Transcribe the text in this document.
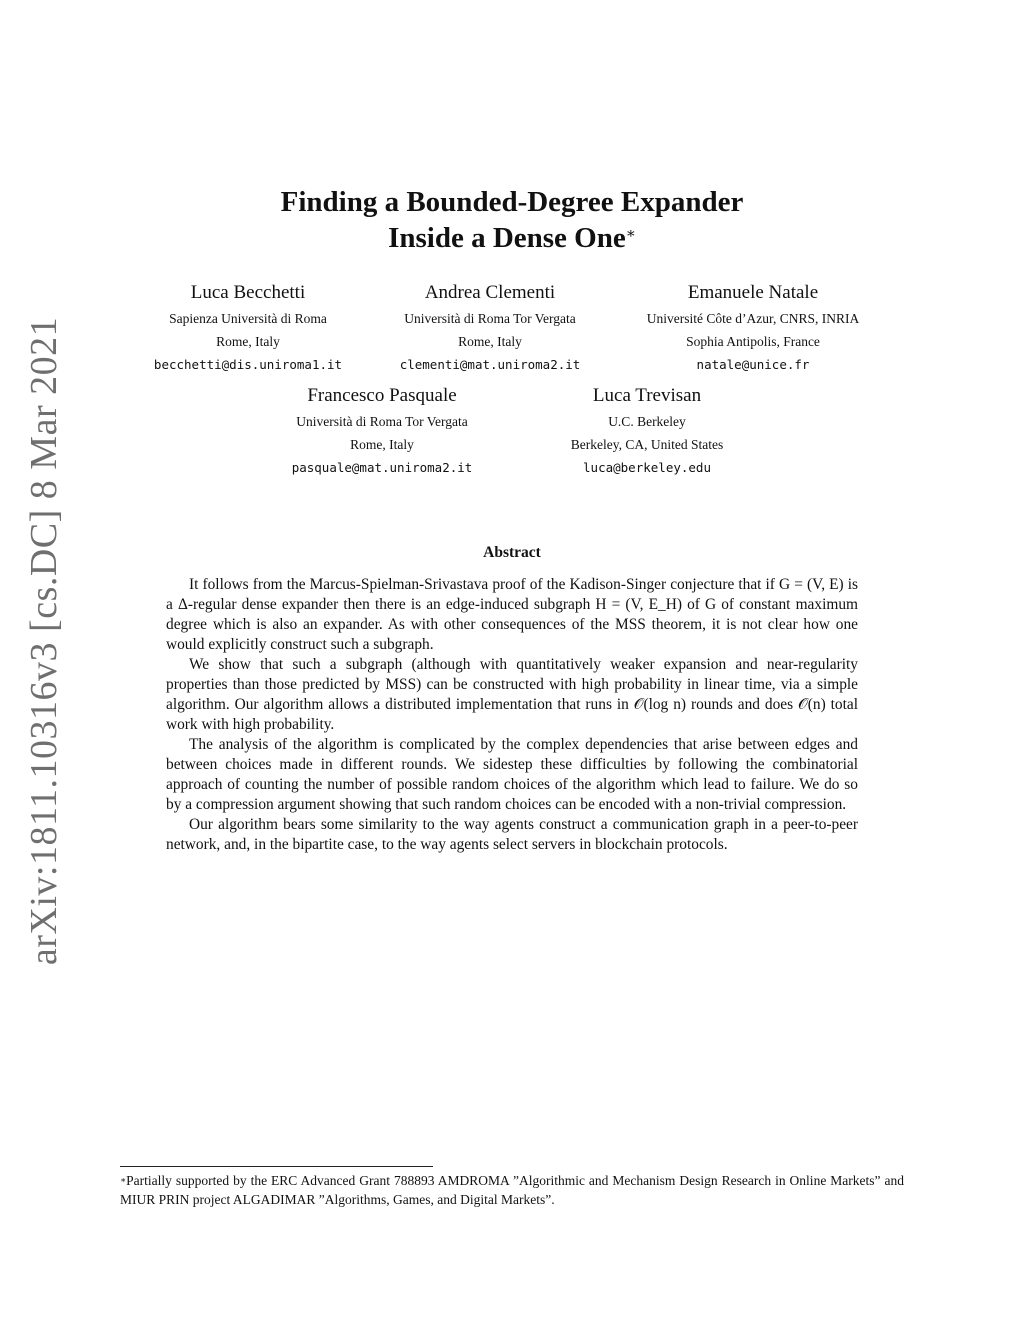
arXiv:1811.10316v3 [cs.DC] 8 Mar 2021
Finding a Bounded-Degree Expander
Inside a Dense One∗
Luca Becchetti
Sapienza Università di Roma
Rome, Italy
becchetti@dis.uniroma1.it
Andrea Clementi
Università di Roma Tor Vergata
Rome, Italy
clementi@mat.uniroma2.it
Emanuele Natale
Université Côte d’Azur, CNRS, INRIA
Sophia Antipolis, France
natale@unice.fr
Francesco Pasquale
Università di Roma Tor Vergata
Rome, Italy
pasquale@mat.uniroma2.it
Luca Trevisan
U.C. Berkeley
Berkeley, CA, United States
luca@berkeley.edu
Abstract

It follows from the Marcus-Spielman-Srivastava proof of the Kadison-Singer conjecture that if G = (V, E) is a Δ-regular dense expander then there is an edge-induced subgraph H = (V, E_H) of G of constant maximum degree which is also an expander. As with other consequences of the MSS theorem, it is not clear how one would explicitly construct such a subgraph.

We show that such a subgraph (although with quantitatively weaker expansion and near-regularity properties than those predicted by MSS) can be constructed with high probability in linear time, via a simple algorithm. Our algorithm allows a distributed implementation that runs in 𝒪(log n) rounds and does 𝒪(n) total work with high probability.

The analysis of the algorithm is complicated by the complex dependencies that arise between edges and between choices made in different rounds. We sidestep these difficulties by following the combinatorial approach of counting the number of possible random choices of the algorithm which lead to failure. We do so by a compression argument showing that such random choices can be encoded with a non-trivial compression.

Our algorithm bears some similarity to the way agents construct a communication graph in a peer-to-peer network, and, in the bipartite case, to the way agents select servers in blockchain protocols.

∗Partially supported by the ERC Advanced Grant 788893 AMDROMA ”Algorithmic and Mechanism Design Research in Online Markets” and MIUR PRIN project ALGADIMAR ”Algorithms, Games, and Digital Markets”.
